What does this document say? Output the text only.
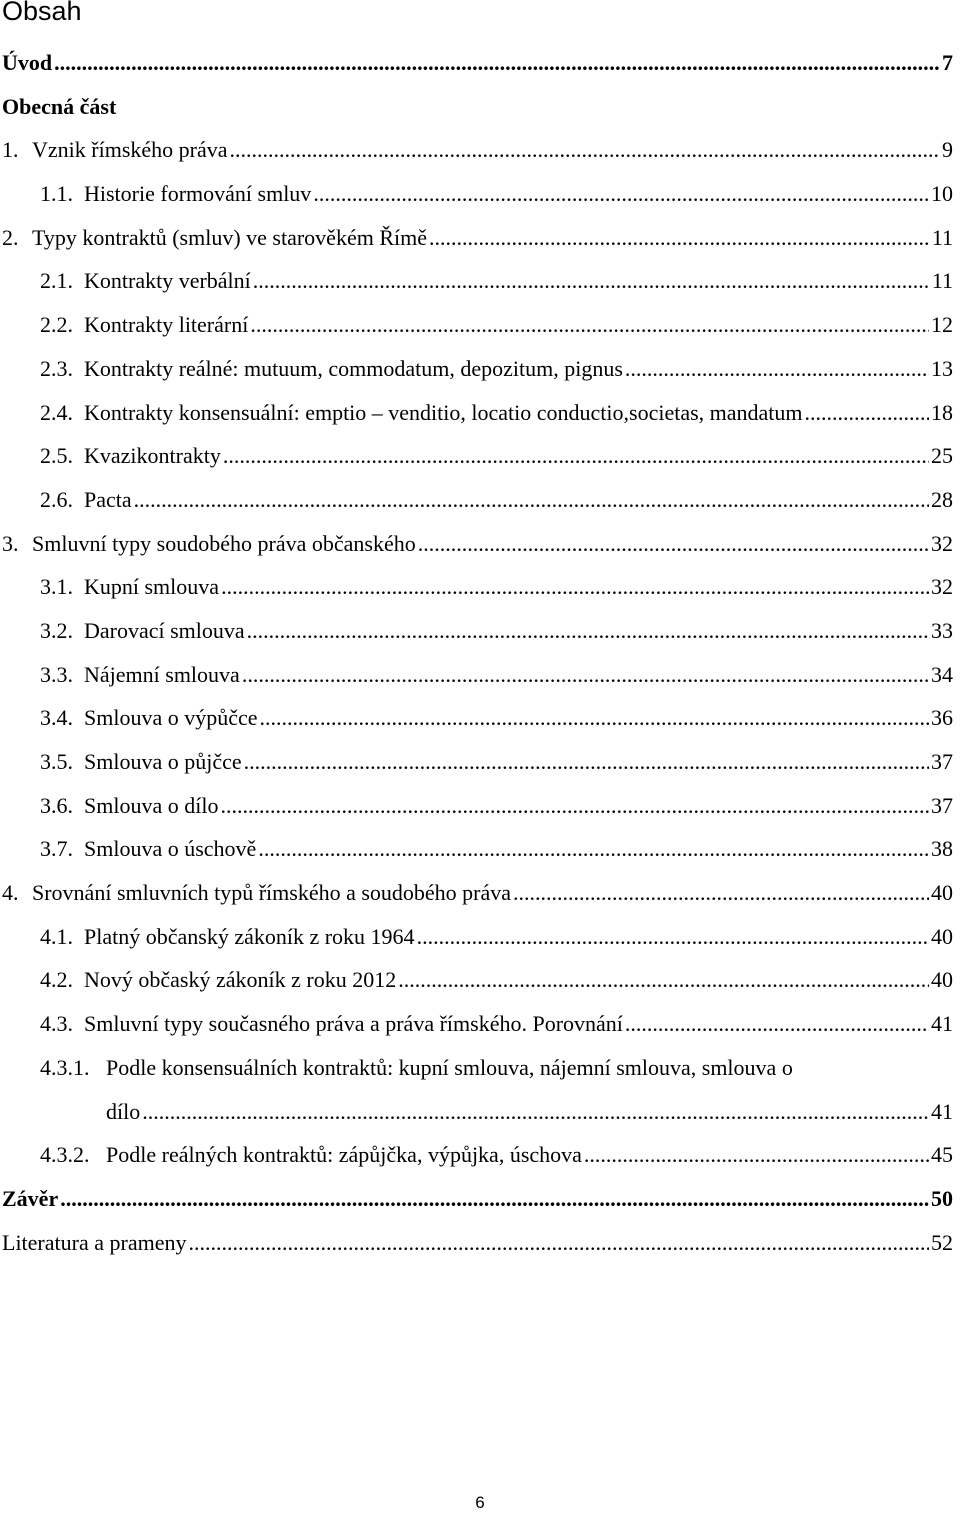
Obsah
Úvod .....	7
Obecná část
1. Vznik římského práva .....	9
1.1. Historie formování smluv .....	10
2. Typy kontraktů (smluv) ve starověkém Římě .....	11
2.1. Kontrakty verbální .....	11
2.2. Kontrakty literární .....	12
2.3. Kontrakty reálné: mutuum, commodatum, depozitum, pignus .....	13
2.4. Kontrakty konsensuální: emptio – venditio, locatio conductio,societas, mandatum .....	18
2.5. Kvazikontrakty .....	25
2.6. Pacta .....	28
3. Smluvní typy soudobého práva občanského .....	32
3.1. Kupní smlouva .....	32
3.2. Darovací smlouva .....	33
3.3. Nájemní smlouva .....	34
3.4. Smlouva o výpůčce .....	36
3.5. Smlouva o půjčce .....	37
3.6. Smlouva o dílo .....	37
3.7. Smlouva o úschově .....	38
4. Srovnání smluvních typů římského a soudobého práva .....	40
4.1. Platný občanský zákoník z roku 1964 .....	40
4.2. Nový občaský zákoník z roku 2012 .....	40
4.3. Smluvní typy současného práva a práva římského. Porovnání .....	41
4.3.1. Podle konsensuálních kontraktů: kupní smlouva, nájemní smlouva, smlouva o
dílo .....	41
4.3.2. Podle reálných kontraktů: zápůjčka, výpůjka, úschova .....	45
Závěr .....	50
Literatura a prameny .....	52
6
